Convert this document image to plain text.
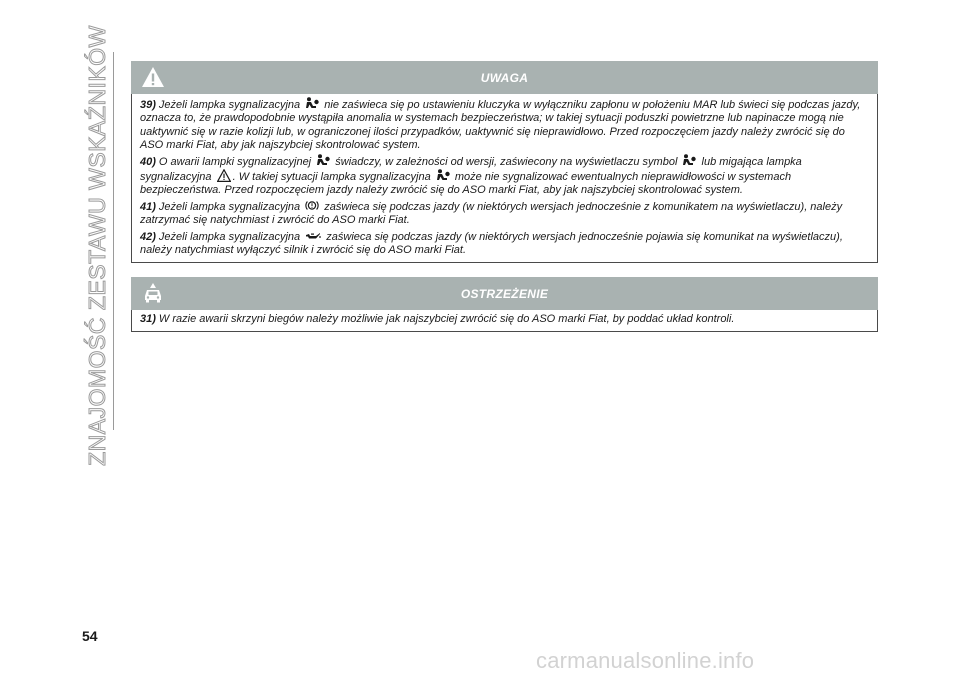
ZNAJOMOŚĆ ZESTAWU WSKAŹNIKÓW	UWAGA

39) Jeżeli lampka sygnalizacyjna nie zaświeca się po ustawieniu kluczyka w wyłączniku zapłonu w położeniu MAR lub świeci się podczas jazdy, oznacza to, że prawdopodobnie wystąpiła anomalia w systemach bezpieczeństwa; w takiej sytuacji poduszki powietrzne lub napinacze mogą nie uaktywnić się w razie kolizji lub, w ograniczonej ilości przypadków, uaktywnić się nieprawidłowo. Przed rozpoczęciem jazdy należy zwrócić się do ASO marki Fiat, aby jak najszybciej skontrolować system.

40) O awarii lampki sygnalizacyjnej świadczy, w zależności od wersji, zaświecony na wyświetlaczu symbol lub migająca lampka sygnalizacyjna . W takiej sytuacji lampka sygnalizacyjna może nie sygnalizować ewentualnych nieprawidłowości w systemach bezpieczeństwa. Przed rozpoczęciem jazdy należy zwrócić się do ASO marki Fiat, aby jak najszybciej skontrolować system.

41) Jeżeli lampka sygnalizacyjna zaświeca się podczas jazdy (w niektórych wersjach jednocześnie z komunikatem na wyświetlaczu), należy zatrzymać się natychmiast i zwrócić do ASO marki Fiat.

42) Jeżeli lampka sygnalizacyjna zaświeca się podczas jazdy (w niektórych wersjach jednocześnie pojawia się komunikat na wyświetlaczu), należy natychmiast wyłączyć silnik i zwrócić się do ASO marki Fiat.

OSTRZEŻENIE

31) W razie awarii skrzyni biegów należy możliwie jak najszybciej zwrócić się do ASO marki Fiat, by poddać układ kontroli.

54
carmanualsonline.info
